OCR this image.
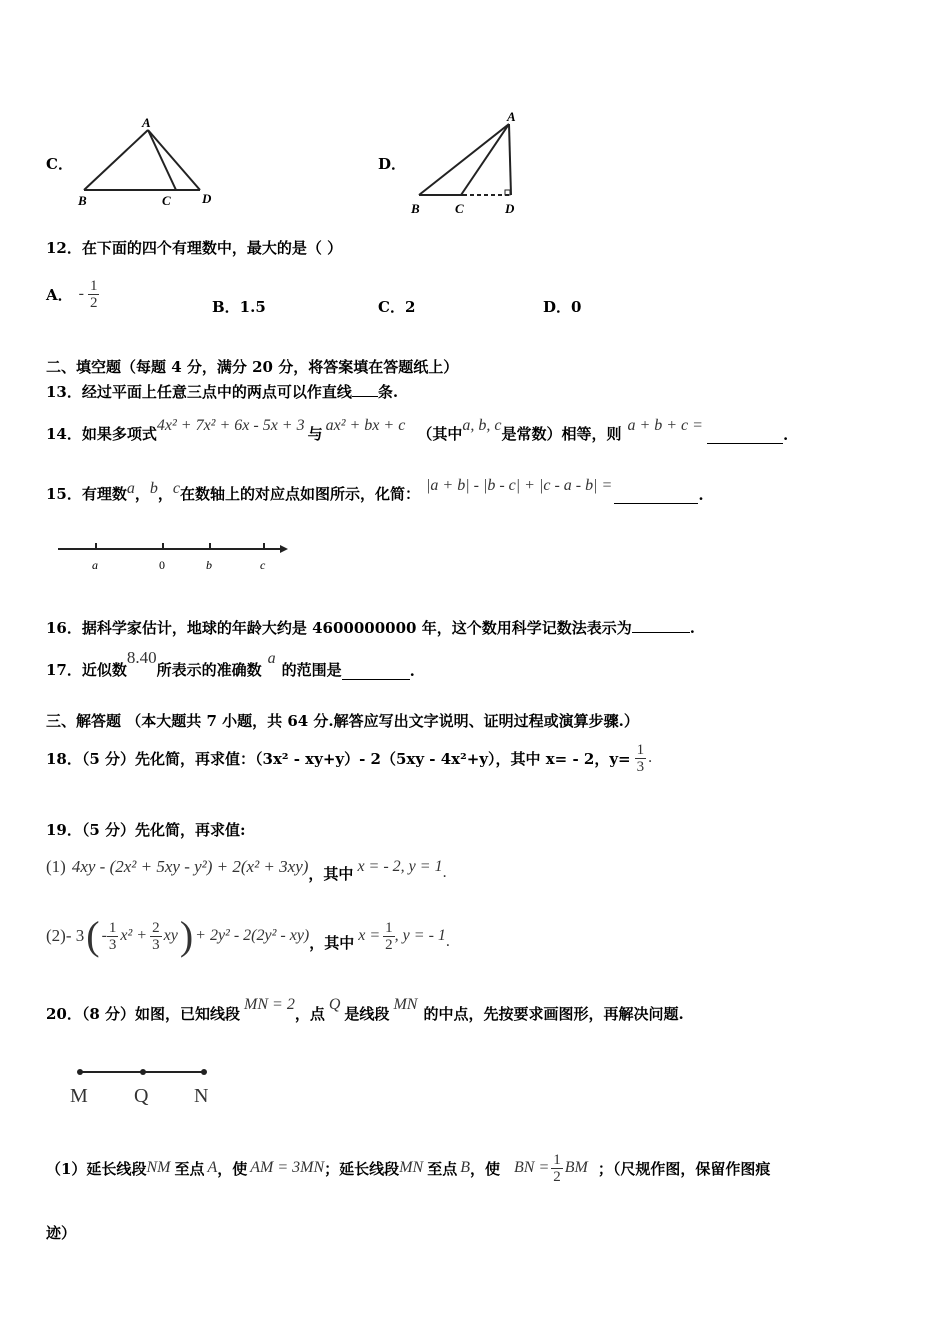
C．
A
B	C D
D．
A
B	C	D
12．在下面的四个有理数中，最大的是（ ）
A． - $\frac{1}{2}$	B．1.5	C．2	D．0
二、填空题（每题 4 分，满分 20 分，将答案填在答题纸上）
13．经过平面上任意三点中的两点可以作直线 条.
14．如果多项式 4x² + 7x² + 6x - 5x + 3 与 ax² + bx + c （其中 a, b, c 是常数）相等，则 a + b + c =
.
15．有理数 a ， b ， c 在数轴上的对应点如图所示，化简： |a + b| - |b - c| + |c - a - b| =
.
a	0	b	c
16．据科学家估计，地球的年龄大约是 4600000000 年，这个数用科学记数法表示为	.
17．近似数
8.40
所表示的准确数
a
的范围是	.
三、解答题 （本大题共 7 小题，共 64 分.解答应写出文字说明、证明过程或演算步骤.）
18．（5 分）先化简，再求值：（3x² - xy+y）- 2（5xy - 4x²+y），其中 x= - 2，$y= \frac{1}{3}$ .
19．（5 分）先化简，再求值:
(1) 4xy - (2x² + 5xy - y²) + 2(x² + 3xy) ，其中 x = - 2, y = 1 .
(2) - 3 ( - $\frac{1}{3} x^2 + \frac{2}{3}$ xy ) + 2y² - 2(2y² - xy) ，其中 $x = \frac{1}{2}$ , y = - 1 .
20．（8 分）如图，已知线段
MN = 2
，点
Q
是线段
MN
的中点，先按要求画图形，再解决问题.
M Q N
（1）延长线段 NM 至点 A ，使 AM = 3MN ；延长线段 MN 至点 B ，使 BN = $\frac{1}{2}$ BM ；（尺规作图，保留作图痕
迹）
